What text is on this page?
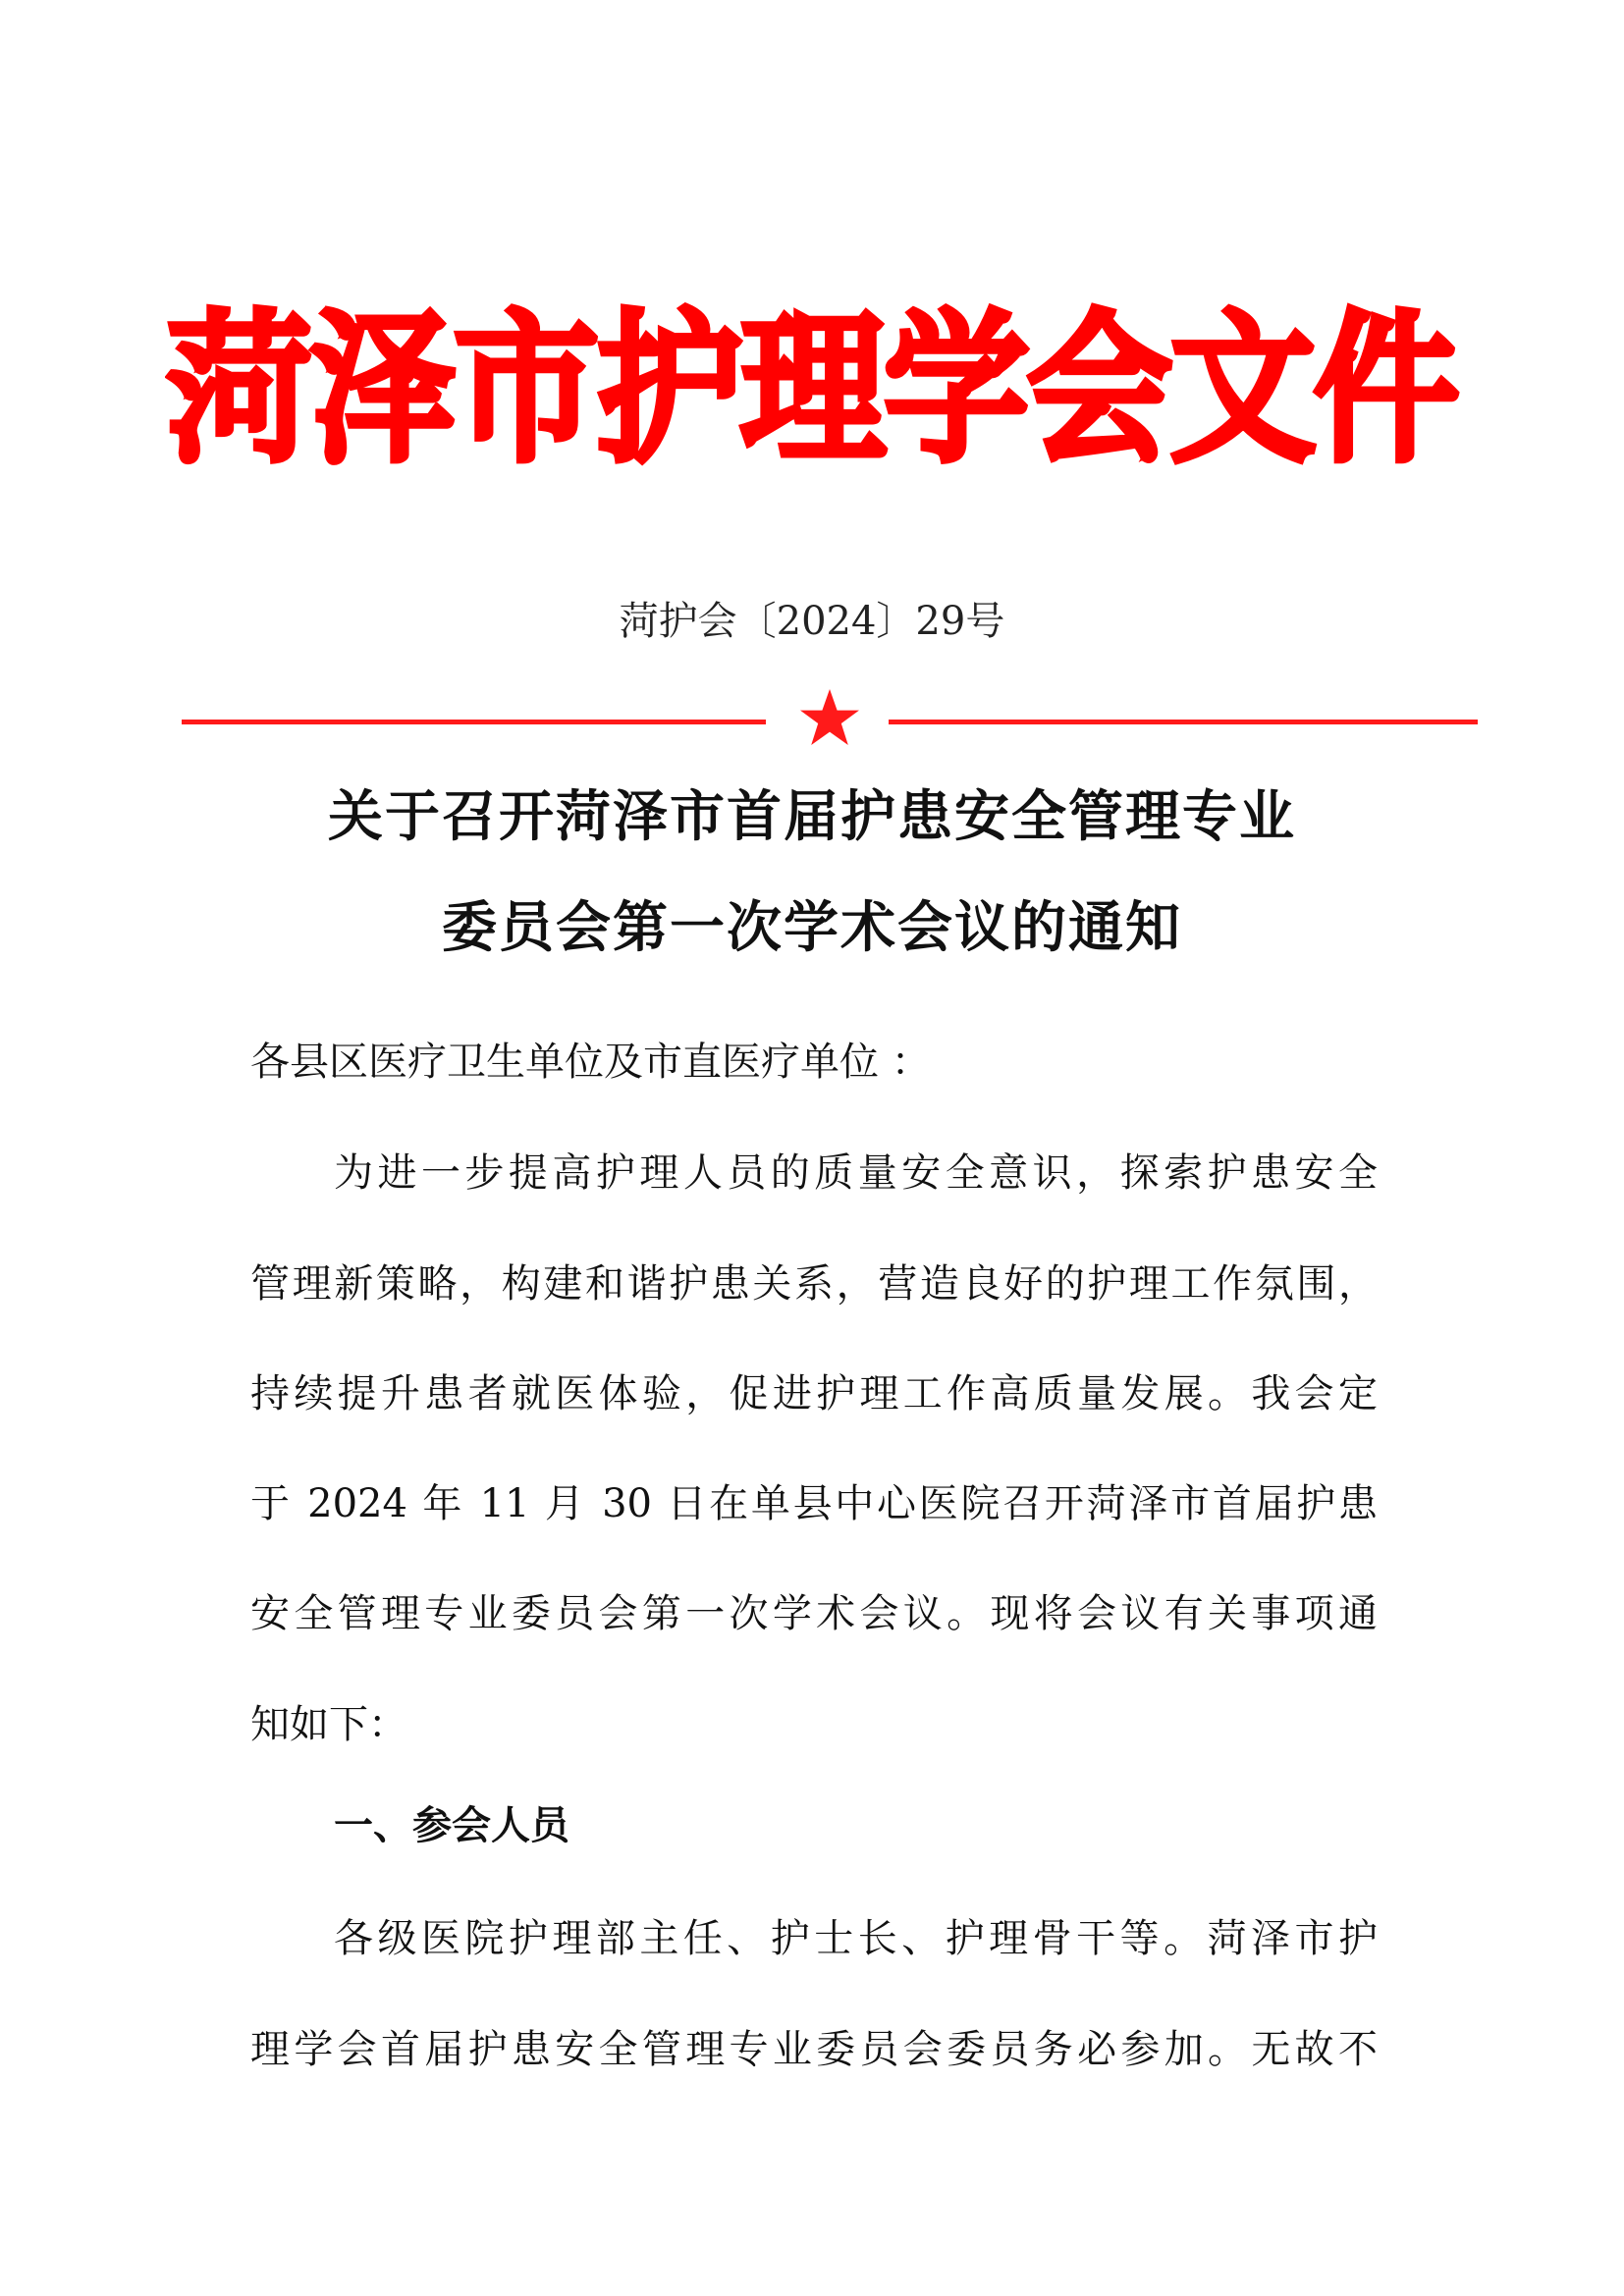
菏泽市护理学会文件
菏护会〔2024〕29号
关于召开菏泽市首届护患安全管理专业
委员会第一次学术会议的通知
各县区医疗卫生单位及市直医疗单位 ：
为进一步提高护理人员的质量安全意识，探索护患安全
管理新策略，构建和谐护患关系，营造良好的护理工作氛围，
持续提升患者就医体验，促进护理工作高质量发展。我会定
于 2024 年 11 月 30 日在单县中心医院召开菏泽市首届护患
安全管理专业委员会第一次学术会议。现将会议有关事项通
知如下：
一、参会人员
各级医院护理部主任、护士长、护理骨干等。菏泽市护
理学会首届护患安全管理专业委员会委员务必参加。无故不
